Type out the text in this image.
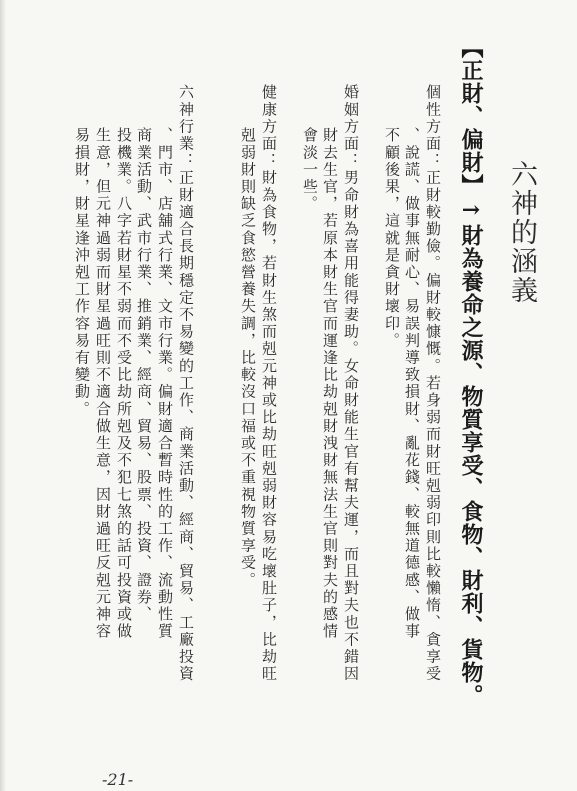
六神的涵義
【正財、偏財】→財為養命之源、物質享受、食物、財利、貨物。
個性方面：正財較勤儉。偏財較慷慨。若身弱而財旺剋弱印則比較懶惰、貪享受
、說謊、做事無耐心、易誤判導致損財、亂花錢、較無道德感、做事
不顧後果，這就是貪財壞印。
婚姻方面：男命財為喜用能得妻助。女命財能生官有幫夫運，而且對夫也不錯因
財去生官，若原本財生官而運逢比劫剋財洩財無法生官則對夫的感情
會淡一些。
健康方面：財為食物，若財生煞而剋元神或比劫旺剋弱財容易吃壞肚子，比劫旺
剋弱財則缺乏食慾營養失調，比較沒口福或不重視物質享受。
六神行業：正財適合長期穩定不易變的工作、商業活動、經商、貿易、工廠投資
、門市、店舖式行業、文市行業。偏財適合暫時性的工作、流動性質
商業活動、武市行業、推銷業、經商、貿易、股票、投資、證券、
投機業。八字若財星不弱而不受比劫所剋及不犯七煞的話可投資或做
生意，但元神過弱而財星過旺則不適合做生意，因財過旺反剋元神容
易損財，財星逢沖剋工作容易有變動。
-21-
